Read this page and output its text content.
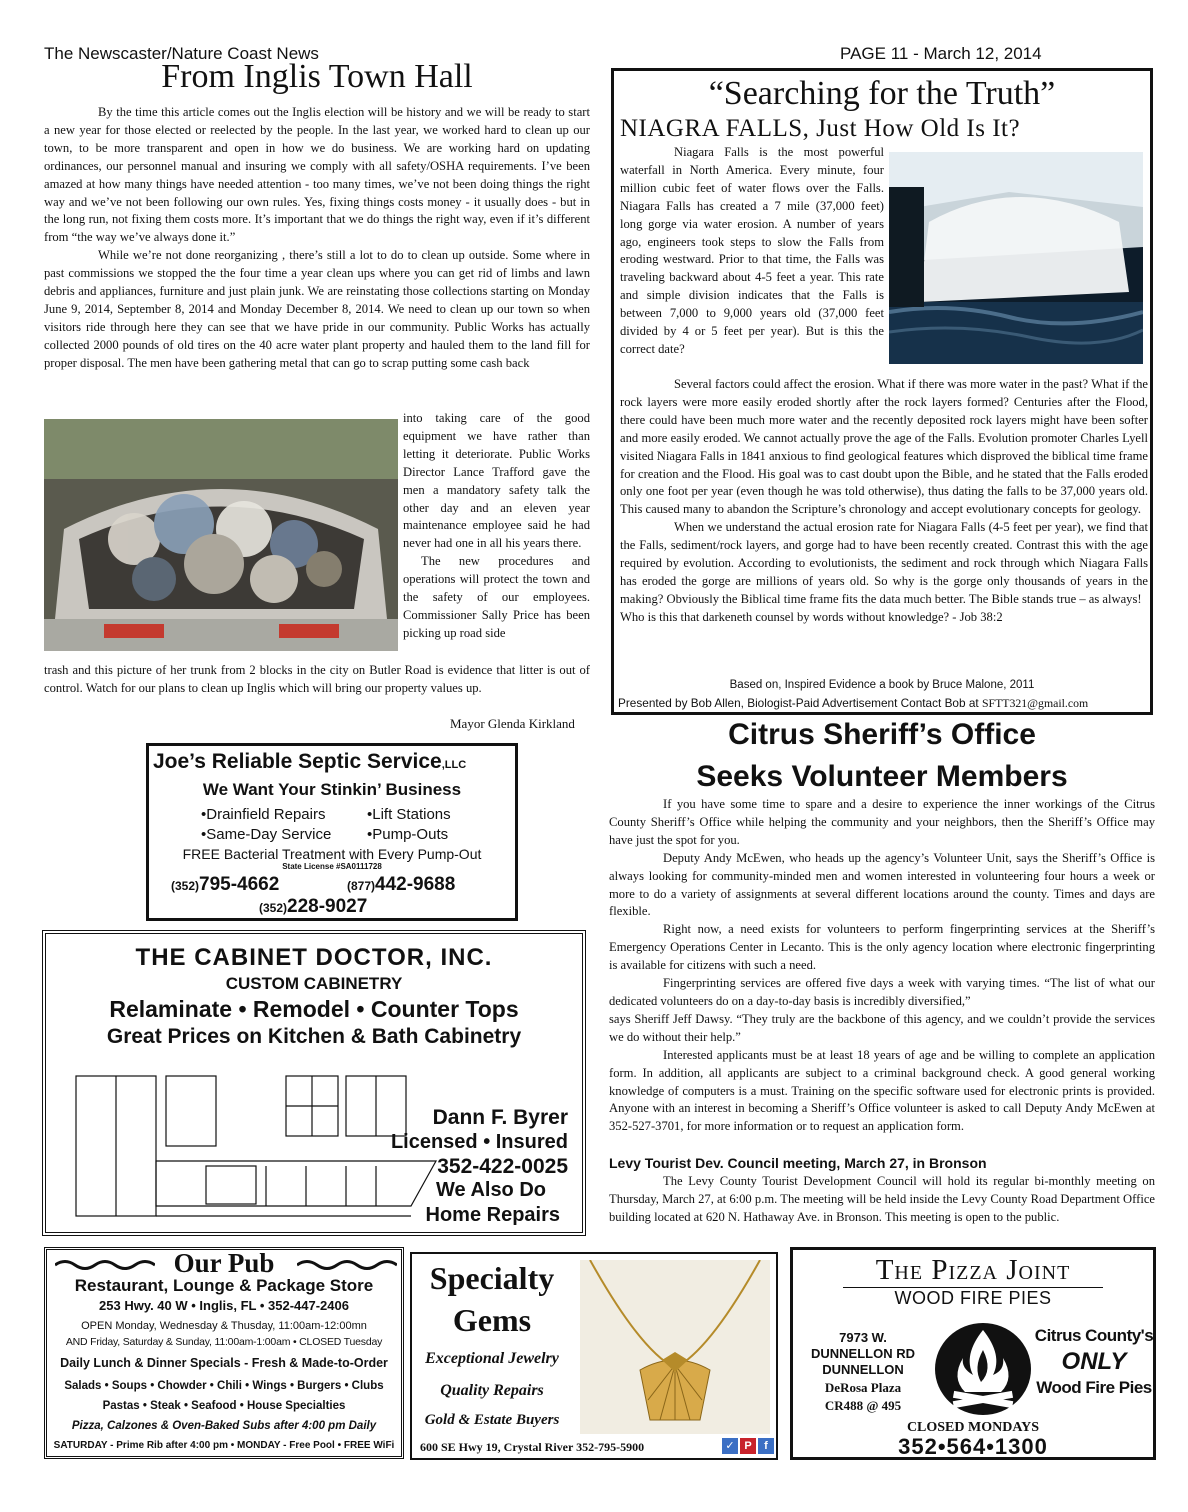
The Newscaster/Nature Coast News	PAGE 11 - March 12, 2014
From Inglis Town Hall

By the time this article comes out the Inglis election will be history and we will be ready to start a new year for those elected or reelected by the people. In the last year, we worked hard to clean up our town, to be more transparent and open in how we do business. We are working hard on updating ordinances, our personnel manual and insuring we comply with all safety/OSHA requirements. I’ve been amazed at how many things have needed attention - too many times, we’ve not been doing things the right way and we’ve not been following our own rules. Yes, fixing things costs money - it usually does - but in the long run, not fixing them costs more. It’s important that we do things the right way, even if it’s different from “the way we’ve always done it.”

While we’re not done reorganizing , there’s still a lot to do to clean up outside. Some where in past commissions we stopped the the four time a year clean ups where you can get rid of limbs and lawn debris and appliances, furniture and just plain junk. We are reinstating those collections starting on Monday June 9, 2014, September 8, 2014 and Monday December 8, 2014. We need to clean up our town so when visitors ride through here they can see that we have pride in our community. Public Works has actually collected 2000 pounds of old tires on the 40 acre water plant property and hauled them to the land fill for proper disposal. The men have been gathering metal that can go to scrap putting some cash back

into taking care of the good equipment we have rather than letting it deteriorate. Public Works Director Lance Trafford gave the men a mandatory safety talk the other day and an eleven year maintenance employee said he had never had one in all his years there.

The new procedures and operations will protect the town and the safety of our employees. Commissioner Sally Price has been picking up road side

trash and this picture of her trunk from 2 blocks in the city on Butler Road is evidence that litter is out of control. Watch for our plans to clean up Inglis which will bring our property values up.
Mayor Glenda Kirkland
“Searching for the Truth”
NIAGRA FALLS, Just How Old Is It?

Niagara Falls is the most powerful waterfall in North America. Every minute, four million cubic feet of water flows over the Falls. Niagara Falls has created a 7 mile (37,000 feet) long gorge via water erosion. A number of years ago, engineers took steps to slow the Falls from eroding westward. Prior to that time, the Falls was traveling backward about 4-5 feet a year. This rate and simple division indicates that the Falls is between 7,000 to 9,000 years old (37,000 feet divided by 4 or 5 feet per year). But is this the correct date?

Several factors could affect the erosion. What if there was more water in the past? What if the rock layers were more easily eroded shortly after the rock layers formed? Centuries after the Flood, there could have been much more water and the recently deposited rock layers might have been softer and more easily eroded. We cannot actually prove the age of the Falls. Evolution promoter Charles Lyell visited Niagara Falls in 1841 anxious to find geological features which disproved the biblical time frame for creation and the Flood. His goal was to cast doubt upon the Bible, and he stated that the Falls eroded only one foot per year (even though he was told otherwise), thus dating the falls to be 37,000 years old. This caused many to abandon the Scripture’s chronology and accept evolutionary concepts for geology.

When we understand the actual erosion rate for Niagara Falls (4-5 feet per year), we find that the Falls, sediment/rock layers, and gorge had to have been recently created. Contrast this with the age required by evolution. According to evolutionists, the sediment and rock through which Niagara Falls has eroded the gorge are millions of years old. So why is the gorge only thousands of years in the making? Obviously the Biblical time frame fits the data much better. The Bible stands true – as always!

Who is this that darkeneth counsel by words without knowledge? - Job 38:2

Based on, Inspired Evidence a book by Bruce Malone, 2011
Presented by Bob Allen, Biologist-Paid Advertisement Contact Bob at SFTT321@gmail.com
Citrus Sheriff’s Office
Seeks Volunteer Members

If you have some time to spare and a desire to experience the inner workings of the Citrus County Sheriff’s Office while helping the community and your neighbors, then the Sheriff’s Office may have just the spot for you.

Deputy Andy McEwen, who heads up the agency’s Volunteer Unit, says the Sheriff’s Office is always looking for community-minded men and women interested in volunteering four hours a week or more to do a variety of assignments at several different locations around the county. Times and days are flexible.

Right now, a need exists for volunteers to perform fingerprinting services at the Sheriff’s Emergency Operations Center in Lecanto. This is the only agency location where electronic fingerprinting is available for citizens with such a need.

Fingerprinting services are offered five days a week with varying times. “The list of what our dedicated volunteers do on a day-to-day basis is incredibly diversified,”

says Sheriff Jeff Dawsy. “They truly are the backbone of this agency, and we couldn’t provide the services we do without their help.”

Interested applicants must be at least 18 years of age and be willing to complete an application form. In addition, all applicants are subject to a criminal background check. A good general working knowledge of computers is a must. Training on the specific software used for electronic prints is provided. Anyone with an interest in becoming a Sheriff’s Office volunteer is asked to call Deputy Andy McEwen at 352-527-3701, for more information or to request an application form.

Levy Tourist Dev. Council meeting, March 27, in Bronson

The Levy County Tourist Development Council will hold its regular bi-monthly meeting on Thursday, March 27, at 6:00 p.m. The meeting will be held inside the Levy County Road Department Office building located at 620 N. Hathaway Ave. in Bronson. This meeting is open to the public.

Joe’s Reliable Septic Service,LLC
We Want Your Stinkin’ Business
•Drainfield Repairs	•Lift Stations
•Same-Day Service •Pump-Outs
FREE Bacterial Treatment with Every Pump-Out
State License #SA0111728
(352)795-4662	(877)442-9688
(352)228-9027
THE CABINET DOCTOR, INC.
CUSTOM CABINETRY
Relaminate • Remodel • Counter Tops
Great Prices on Kitchen & Bath Cabinetry
Dann F. Byrer
Licensed • Insured
352-422-0025
We Also Do
Home Repairs
Our Pub
Restaurant, Lounge & Package Store
253 Hwy. 40 W • Inglis, FL • 352-447-2406
OPEN Monday, Wednesday & Thusday, 11:00am-12:00mn
AND Friday, Saturday & Sunday, 11:00am-1:00am • CLOSED Tuesday
Daily Lunch & Dinner Specials - Fresh & Made-to-Order
Salads • Soups • Chowder • Chili • Wings • Burgers • Clubs
Pastas • Steak • Seafood • House Specialties
Pizza, Calzones & Oven-Baked Subs after 4:00 pm Daily
SATURDAY - Prime Rib after 4:00 pm • MONDAY - Free Pool • FREE WiFi
Specialty
Gems
Exceptional Jewelry
Quality Repairs
Gold & Estate Buyers
600 SE Hwy 19, Crystal River 352-795-5900	✓ P	f
The Pizza Joint
WOOD FIRE PIES
7973 W.
DUNNELLON RD
DUNNELLON
DeRosa Plaza
CR488 @ 495
Citrus County's
ONLY
Wood Fire Pies
CLOSED MONDAYS
352•564•1300
